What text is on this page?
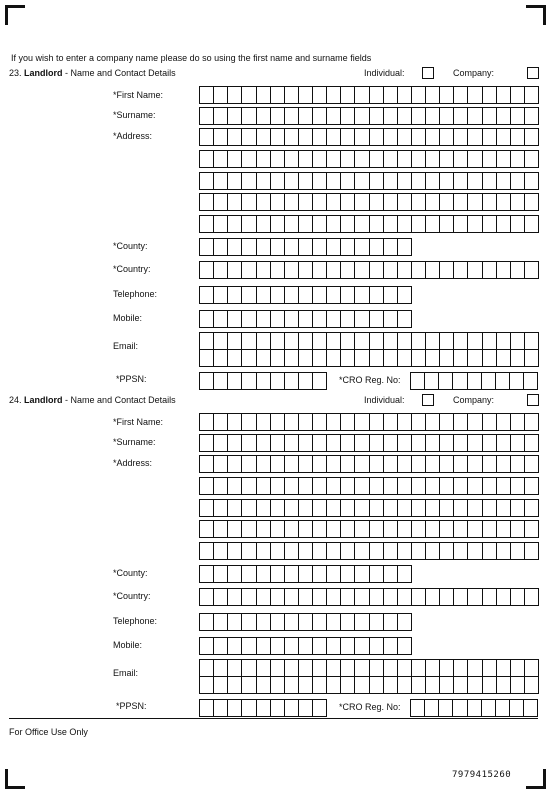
If you wish to enter a company name please do so using the first name and surname fields
23. Landlord - Name and Contact Details	Individual:	Company:
*First Name:
*Surname:
*Address:
*County:
*Country:
Telephone:
Mobile:
Email:
*PPSN:	*CRO Reg. No:
24. Landlord - Name and Contact Details	Individual:	Company:
*First Name:
*Surname:
*Address:
*County:
*Country:
Telephone:
Mobile:
Email:
*PPSN:	*CRO Reg. No:
For Office Use Only
7979415260
